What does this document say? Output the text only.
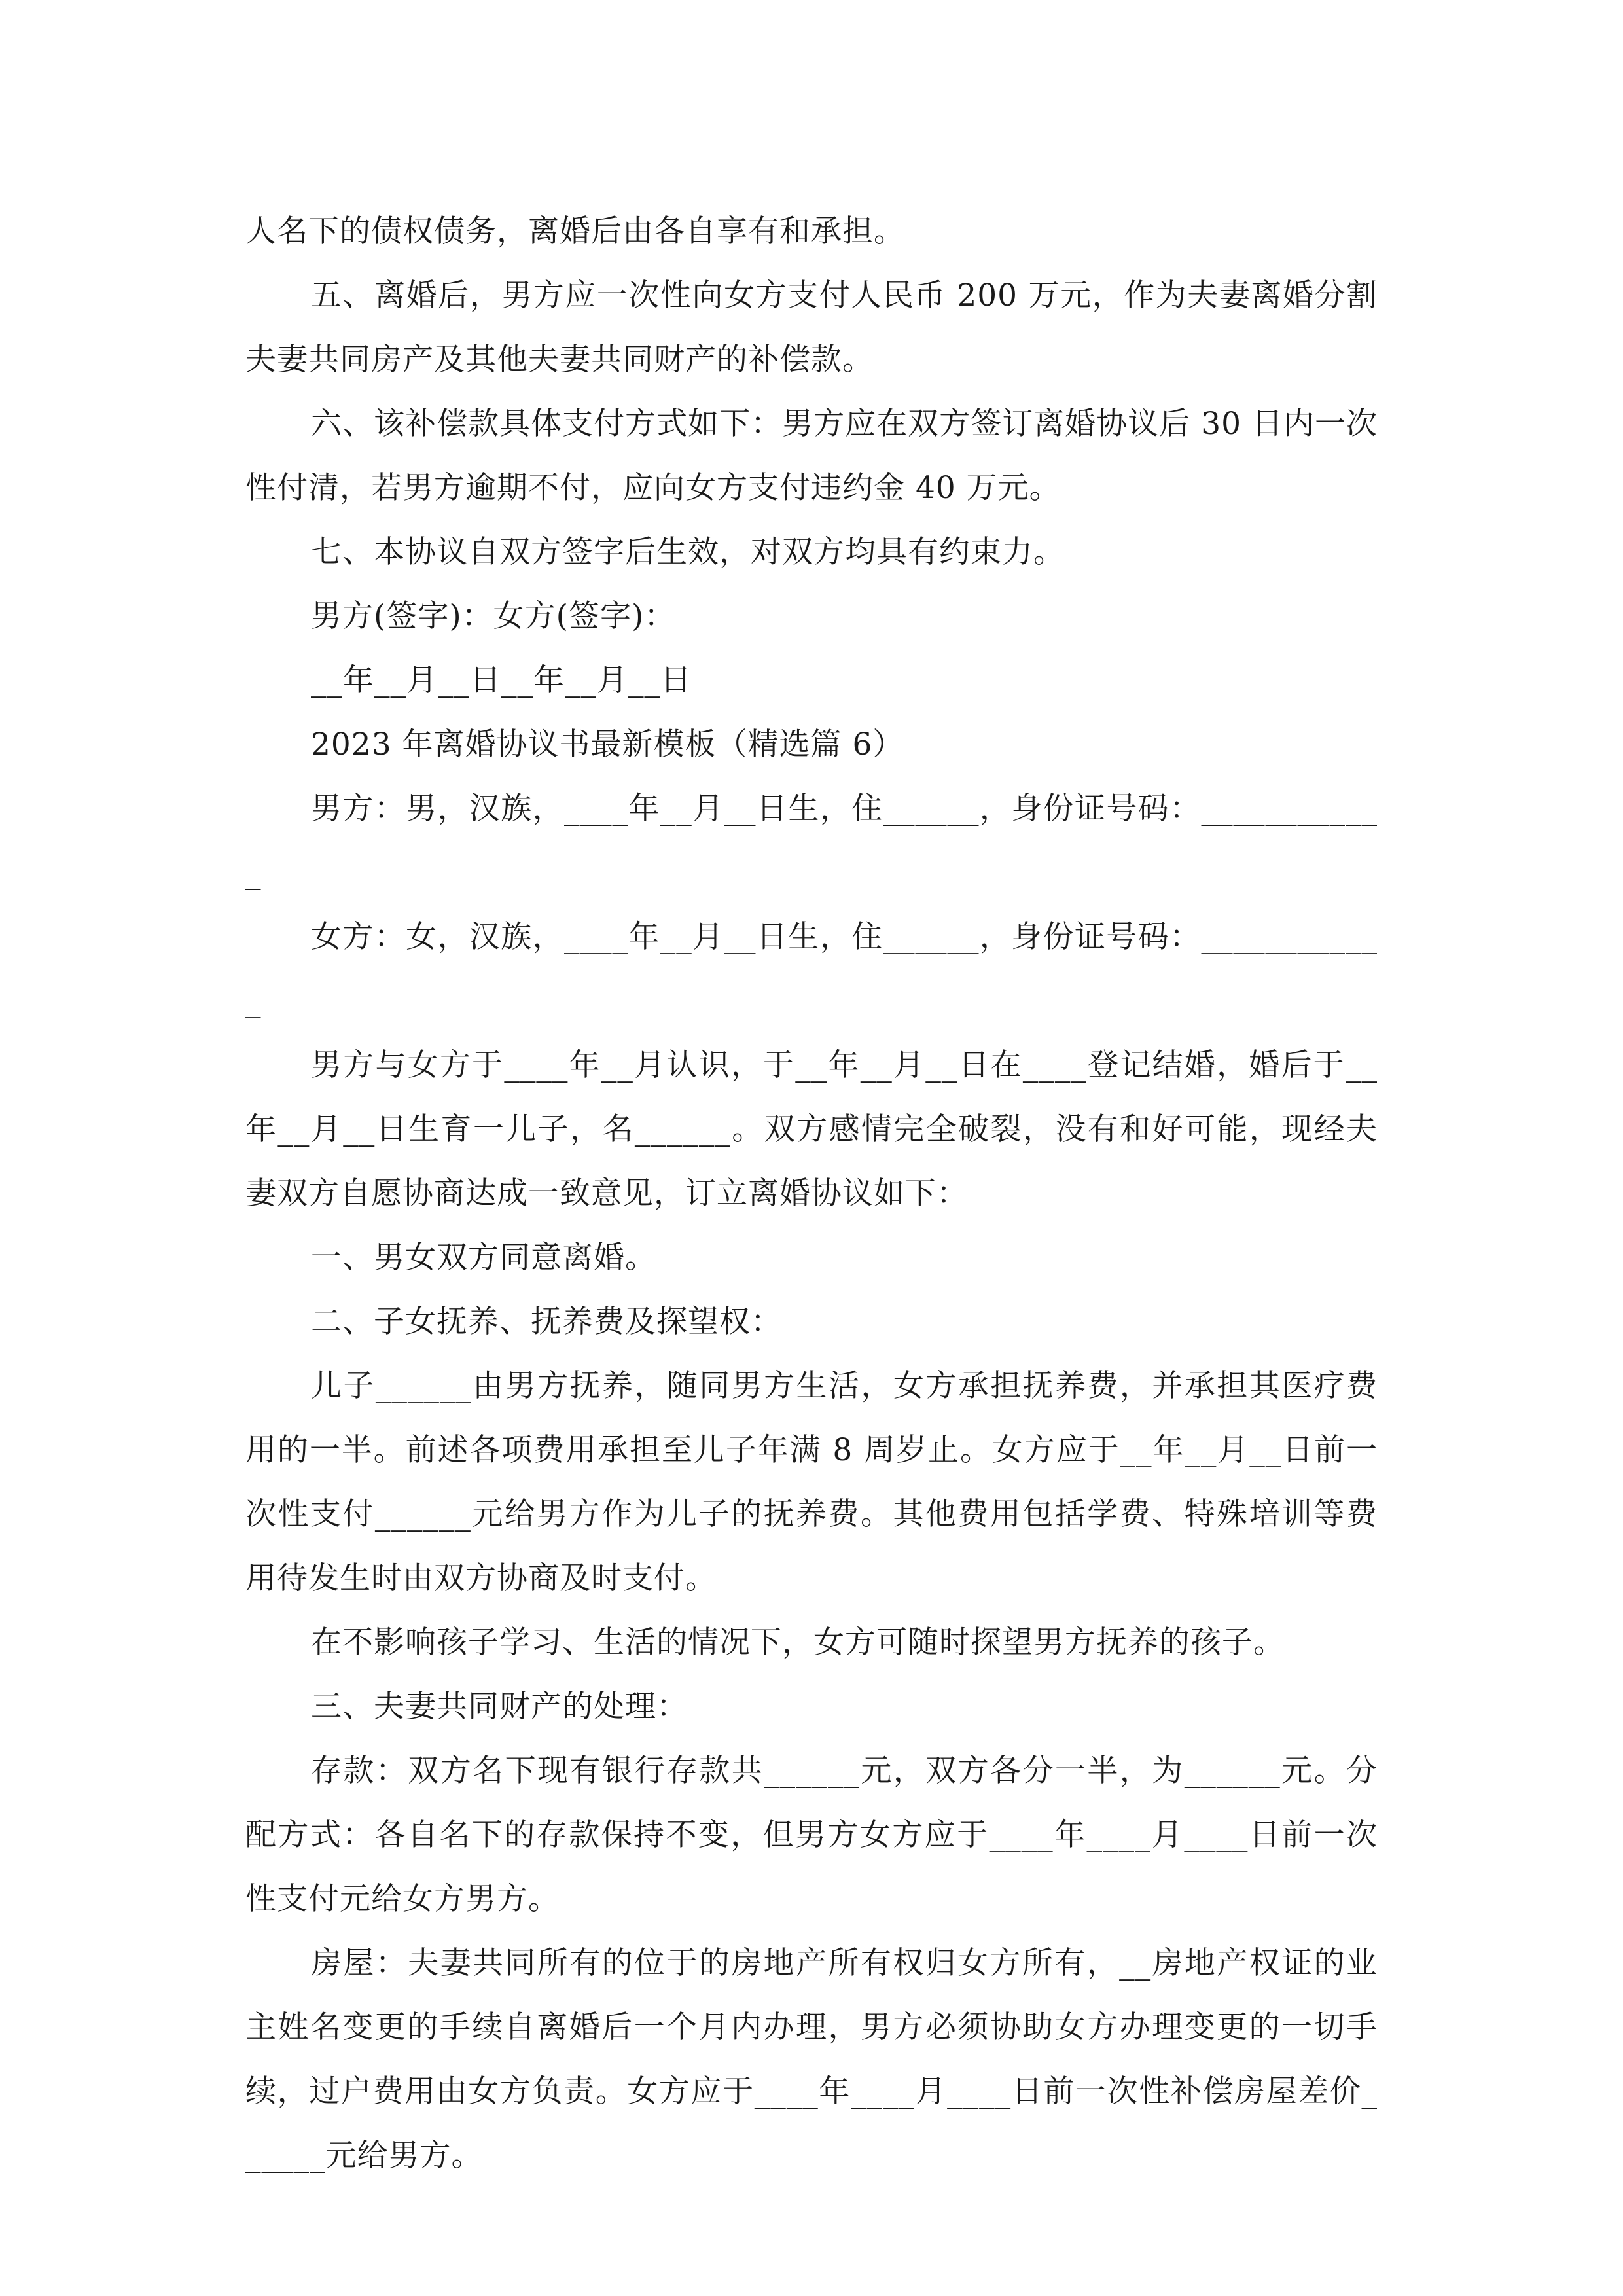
人名下的债权债务，离婚后由各自享有和承担。

五、离婚后，男方应一次性向女方支付人民币 200 万元，作为夫妻离婚分割夫妻共同房产及其他夫妻共同财产的补偿款。

六、该补偿款具体支付方式如下：男方应在双方签订离婚协议后 30 日内一次性付清，若男方逾期不付，应向女方支付违约金 40 万元。

七、本协议自双方签字后生效，对双方均具有约束力。

男方(签字)：女方(签字)：

__年__月__日__年__月__日

2023 年离婚协议书最新模板（精选篇 6）

男方：男，汉族，____年__月__日生，住______，身份证号码：____________

女方：女，汉族，____年__月__日生，住______，身份证号码：____________

男方与女方于____年__月认识，于__年__月__日在____登记结婚，婚后于__年__月__日生育一儿子，名______。双方感情完全破裂，没有和好可能，现经夫妻双方自愿协商达成一致意见，订立离婚协议如下：

一、男女双方同意离婚。

二、子女抚养、抚养费及探望权：

儿子______由男方抚养，随同男方生活，女方承担抚养费，并承担其医疗费用的一半。前述各项费用承担至儿子年满 8 周岁止。女方应于__年__月__日前一次性支付______元给男方作为儿子的抚养费。其他费用包括学费、特殊培训等费用待发生时由双方协商及时支付。

在不影响孩子学习、生活的情况下，女方可随时探望男方抚养的孩子。

三、夫妻共同财产的处理：

存款：双方名下现有银行存款共______元，双方各分一半，为______元。分配方式：各自名下的存款保持不变，但男方女方应于____年____月____日前一次性支付元给女方男方。

房屋：夫妻共同所有的位于的房地产所有权归女方所有，__房地产权证的业主姓名变更的手续自离婚后一个月内办理，男方必须协助女方办理变更的一切手续，过户费用由女方负责。女方应于____年____月____日前一次性补偿房屋差价______元给男方。
